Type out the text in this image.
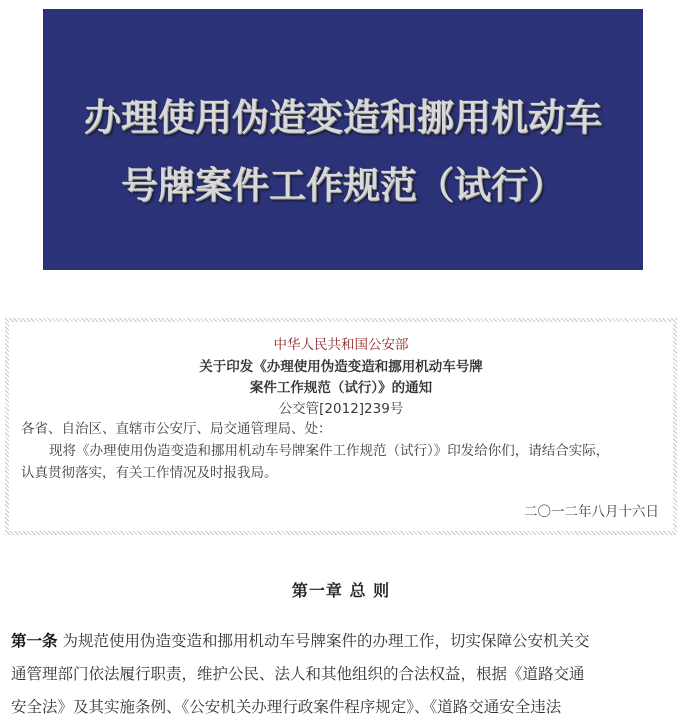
办理使用伪造变造和挪用机动车
号牌案件工作规范（试行）
中华人民共和国公安部
关于印发《办理使用伪造变造和挪用机动车号牌
案件工作规范（试行）》的通知
公交管[2012]239号
各省、自治区、直辖市公安厅、局交通管理局、处：
现将《办理使用伪造变造和挪用机动车号牌案件工作规范（试行）》印发给你们，请结合实际，
认真贯彻落实，有关工作情况及时报我局。
二〇一二年八月十六日
第一章 总 则
第一条 为规范使用伪造变造和挪用机动车号牌案件的办理工作，切实保障公安机关交
通管理部门依法履行职责，维护公民、法人和其他组织的合法权益，根据《道路交通
安全法》及其实施条例、《公安机关办理行政案件程序规定》、《道路交通安全违法
